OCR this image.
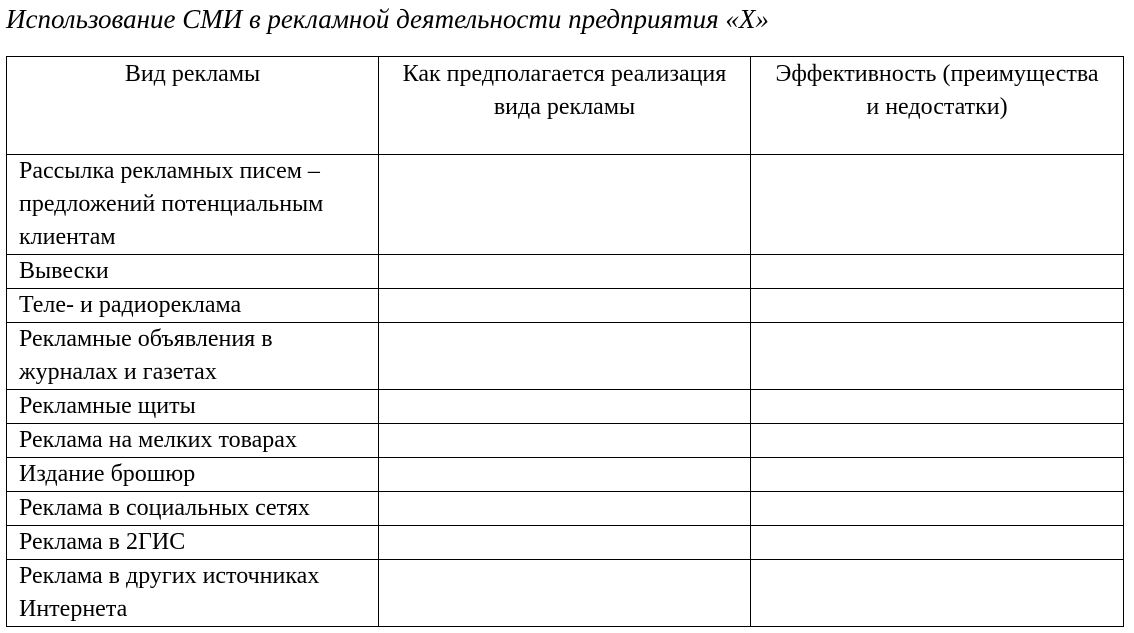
Использование СМИ в рекламной деятельности предприятия «Х»
Вид рекламы	Как предполагается реализация вида рекламы	Эффективность (преимущества и недостатки)
Рассылка рекламных писем – предложений потенциальным клиентам		
Вывески		
Теле- и радиореклама		
Рекламные объявления в журналах и газетах		
Рекламные щиты		
Реклама на мелких товарах		
Издание брошюр		
Реклама в социальных сетях		
Реклама в 2ГИС		
Реклама в других источниках Интернета		
